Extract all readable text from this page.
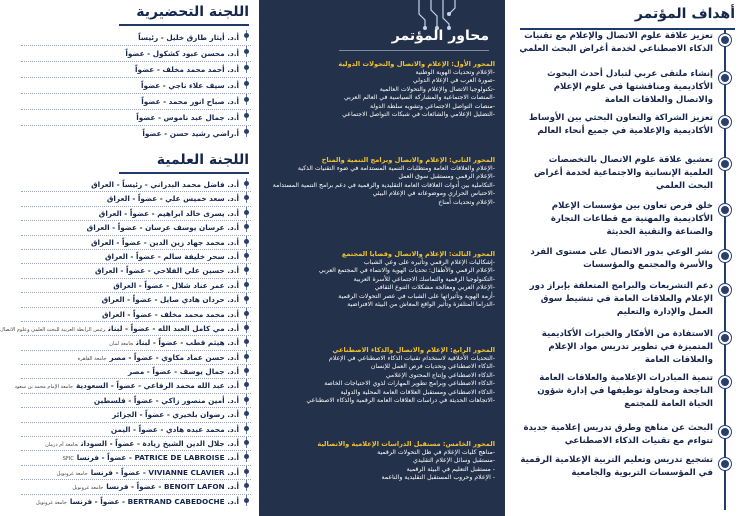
أهداف المؤتمر
تعزيز علاقة علوم الاتصال والإعلام مع تقنيات الذكاء الاصطناعي لخدمة أغراض البحث العلمي
إنشاء ملتقى عربي لتبادل أحدث البحوث الأكاديمية ومناقشتها في علوم الإعلام والاتصال والعلاقات العامة
تعزيز الشراكة والتعاون البحثي بين الأوساط الأكاديمية والإعلامية في جميع أنحاء العالم
تعشيق علاقة علوم الاتصال بالتخصصات العلمية الإنسانية والاجتماعية لخدمة أغراض البحث العلمي
خلق فرص تعاون بين مؤسسات الإعلام الأكاديمية والمهنية مع قطاعات التجارة والصناعة والتقنية الحديثة
نشر الوعي بدور الاتصال على مستوى الفرد والأسرة والمجتمع والمؤسسات
دعم التشريعات والبرامج المتعلقة بإبراز دور الإعلام والعلاقات العامة في تنشيط سوق العمل والإدارة والتعليم
الاستفادة من الأفكار والخبرات الأكاديمية المتميزة في تطوير تدريس مواد الإعلام والعلاقات العامة
تنمية المبادرات الإعلامية والعلاقات العامة الناجحة ومحاولة توظيفها في إدارة شؤون الحياة العامة للمجتمع
البحث عن مناهج وطرق تدريس إعلامية جديدة تتواءم مع تقنيات الذكاء الاصطناعي
تشجيع تدريس وتعليم التربية الإعلامية الرقمية في المؤسسات التربوية والجامعية
محاور المؤتمر
المحور الأول: الإعلام والاتصال والتحولات الدولية
-الإعلام وتحديات الهوية الوطنية
-صورة العرب في الإعلام الدولي
-تكنولوجيا الاتصال والإعلام والتحولات العالمية
-المنصات الاجتماعية والمشاركة السياسية في العالم العربي
-منصات التواصل الاجتماعي وتشويه سلطة الدولة
-التضليل الإعلامي والشائعات في شبكات التواصل الاجتماعي
المحور الثاني: الإعلام والاتصال وبرامج التنمية والمناخ
-الإعلام والعلاقات العامة ومتطلبات التنمية المستدامة في ضوء التقنيات الذكية
-الإعلام الرقمي ومستقبل سوق العمل
-التكاملية بين أدوات العلاقات العامة التقليدية والرقمية في دعم برامج التنمية المستدامة
-الاحتباس الحراري وموضوعاته في الإعلام البيئي
-الإعلام وتحديات أمناخ
المحور الثالث: الإعلام والاتصال وقضايا المجتمع
-إشكاليات الإعلام الرقمي وتأثيره على وعي الشباب
-الإعلام الرقمي والأطفال: تحديات الهوية والانتماء في المجتمع العربي
-التكنولوجيا الرقمية والتماسك الاجتماعي للأسرة العربية
-الإعلام العربي ومعالجة مشكلات التنوع الثقافي
-أزمة الهوية وتأثيراتها على الشباب في عصر التحولات الرقمية
-الدراما المتلفزة وتأثير الواقع المعاش من البيئة الافتراضية
المحور الرابع: الإعلام والاتصال والذكاء الاصطناعي
-التحديات الأخلاقية لاستخدام تقنيات الذكاء الاصطناعي في الإعلام
-الذكاء الاصطناعي وتحديات فرص العمل للإنسان
-الذكاء الاصطناعي وإنتاج المحتوى الإعلامي
-الذكاء الاصطناعي وبرامج تطوير المهارات لذوي الاحتياجات الخاصة
-الذكاء الاصطناعي ومستقبل العلاقات العامة المحلية والدولية
-الاتجاهات الحديثة في دراسات العلاقات العامة الرقمية والذكاء الاصطناعي
المحور الخامس: مستقبل الدراسات الإعلامية والاتصالية
-مناهج كليات الإعلام في ظل التحولات الرقمية
-مستقبل وسائل الإعلام التقليدي
- مستقبل التعليم في البيئة الرقمية
- الإعلام وحروب المستقبل التقليدية والناعمة
اللجنة التحضيرية
أ.د. أيثار طارق خليل - رئيساً
أ.د. محسن عبود كشكول - عضواً
أ.د. أحمد محمد مخلف - عضواً
أ.د. سيف علاء ناجي - عضواً
أ.د. صباح انور محمد - عضواً
أ.د. جمال عبد ناموس - عضواً
أ.راضي رشيد حسن - عضواً
اللجنة العلمية
أ.د. فاضل محمد البدراني - رئيساً - العراق
أ.د. سعد خميس علي - عضواً - العراق
أ.د. يسرى خالد ابراهيم - عضواً - العراق
أ.د. عرسان يوسف عرسان - عضواً - العراق
أ.د. محمد جهاد زين الدين - عضواً - العراق
أ.د. سحر خليفة سالم - عضواً - العراق
أ.د. حسين علي الفلاحي - عضواً - العراق
أ.د. عمر عناد شلال - عضواً - العراق
أ.د. حردان هادي صايل - عضواً - العراق
أ.د. محمد محمد مخلف - عضواً - العراق
أ.د. مي كامل العبد الله - عضواً - لبنانرئيس الرابطة العربية للبحث العلمي وعلوم الاتصال
أ.د. هيثم قطب - عضواً - لبنانجامعة لبنان
أ.د. حسن عماد مكاوي - عضواً - مصرجامعة القاهرة
أ.د. جمال يوسف - عضواً - مصر
أ.د. عبد الله محمد الرفاعي - عضواً - السعوديةجامعة الإمام محمد بن سعود
أ.د. أمين منصور زاكي - عضواً - فلسطين
أ.د. رضوان بلخيري - عضواً - الجزائر
أ.د. محمد عبده هادي - عضواً - اليمن
أ.د. جلال الدين الشيخ زيادة - عضواً - السودانجامعة أم درمان
أ.د. PATRICE DE LABROISE - عضواً - فرنساSFIC
أ.د. VIVIANNE CLAVIER - عضواً - فرنساجامعة غرونوبل
أ.د. BENOIT LAFON - عضواً - فرنساجامعة غرونوبل
أ.د. BERTRAND CABEDOCHE - عضواً - فرنساجامعة غرونوبل
